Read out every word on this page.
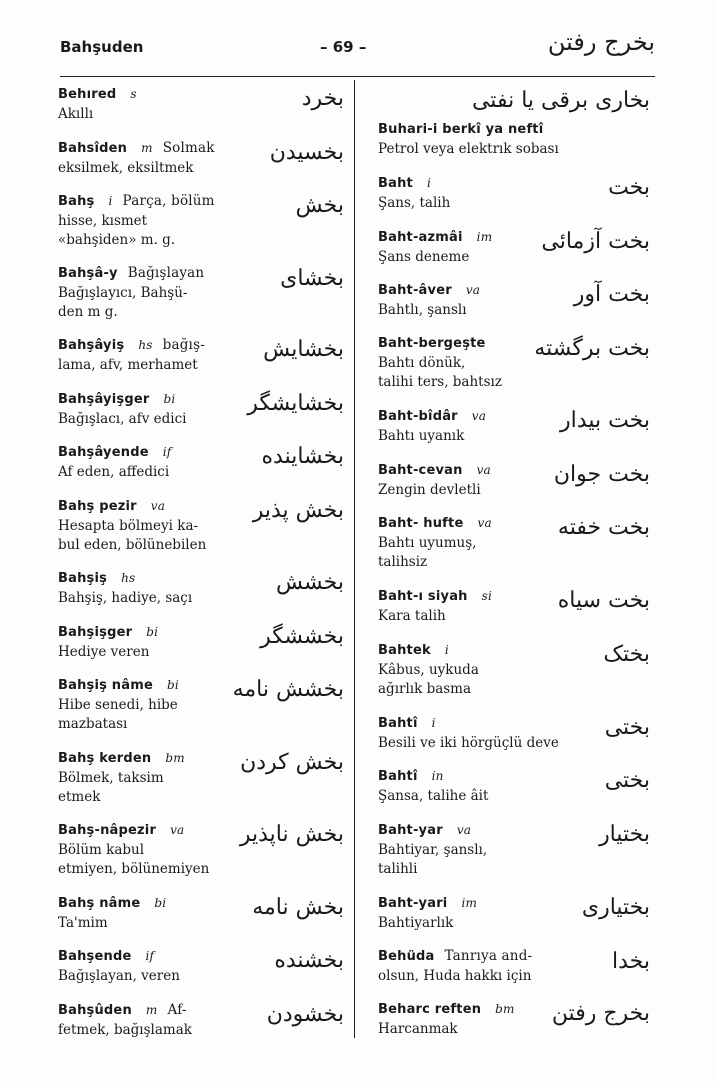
Bahşuden	– 69 –	بخرج رفتن
Behıred s
Akıllı
بخرد
Bahsîden m Solmak
eksilmek, eksiltmek
بخسیدن
Bahş i Parça, bölüm
hisse, kısmet
«bahşiden» m. g.
بخش
Bahşâ-y Bağışlayan
Bağışlayıcı, Bahşü-
den m g.
بخشای
Bahşâyiş hs bağış-
lama, afv, merhamet
بخشایش
Bahşâyişger bi
Bağışlacı, afv edici
بخشایشگر
Bahşâyende if
Af eden, affedici
بخشاینده
Bahş pezir va
Hesapta bölmeyi ka-
bul eden, bölünebilen
بخش پذیر
Bahşiş hs
Bahşiş, hadiye, saçı
بخشش
Bahşişger bi
Hediye veren
بخششگر
Bahşiş nâme bi
Hibe senedi, hibe
mazbatası
بخشش نامه
Bahş kerden bm
Bölmek, taksim
etmek
بخش کردن
Bahş-nâpezir va
Bölüm kabul
etmiyen, bölünemiyen
بخش ناپذیر
Bahş nâme bi
Ta'mim
بخش نامه
Bahşende if
Bağışlayan, veren
بخشنده
Bahşûden m Af-
fetmek, bağışlamak
بخشودن
بخاری برقی یا نفتی
Buhari-i berkî ya neftî
Petrol veya elektrık sobası
Baht i
Şans, talih
بخت
Baht-azmâi im
Şans deneme
بخت آزمائی
Baht-âver va
Bahtlı, şanslı
بخت آور
Baht-bergeşte
Bahtı dönük,
talihi ters, bahtsız
بخت برگشته
Baht-bîdâr va
Bahtı uyanık
بخت بیدار
Baht-cevan va
Zengin devletli
بخت جوان
Baht- hufte va
Bahtı uyumuş,
talihsiz
بخت خفته
Baht-ı siyah si
Kara talih
بخت سیاه
Bahtek i
Kâbus, uykuda
ağırlık basma
بختک
Bahtî i
Besili ve iki hörgüçlü deve
بختی
Bahtî in
Şansa, talihe âit
بختی
Baht-yar va
Bahtiyar, şanslı,
talihli
بختیار
Baht-yari im
Bahtiyarlık
بختیاری
Behüda Tanrıya and-
olsun, Huda hakkı için
بخدا
Beharc reften bm
Harcanmak
بخرج رفتن
